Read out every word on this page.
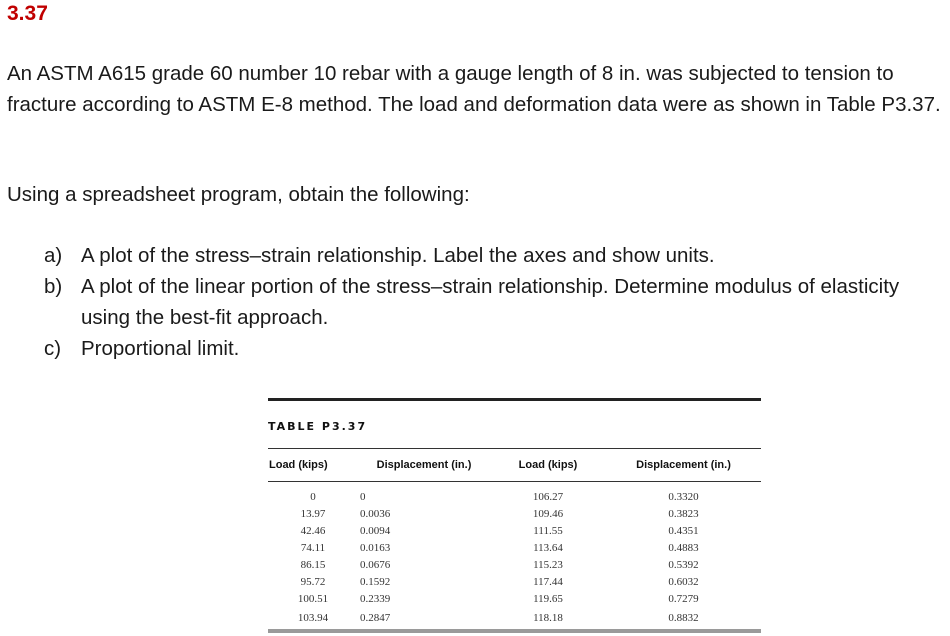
3.37
An ASTM A615 grade 60 number 10 rebar with a gauge length of 8 in. was subjected to tension to fracture according to ASTM E-8 method. The load and deformation data were as shown in Table P3.37.
Using a spreadsheet program, obtain the following:
a) A plot of the stress–strain relationship. Label the axes and show units.
b) A plot of the linear portion of the stress–strain relationship. Determine modulus of elasticity using the best-fit approach.
c) Proportional limit.
TABLE P3.37
Load (kips)	Displacement (in.)	Load (kips)	Displacement (in.)
0	0	106.27	0.3320
13.97	0.0036	109.46	0.3823
42.46	0.0094	111.55	0.4351
74.11	0.0163	113.64	0.4883
86.15	0.0676	115.23	0.5392
95.72	0.1592	117.44	0.6032
100.51	0.2339	119.65	0.7279
103.94	0.2847	118.18	0.8832
